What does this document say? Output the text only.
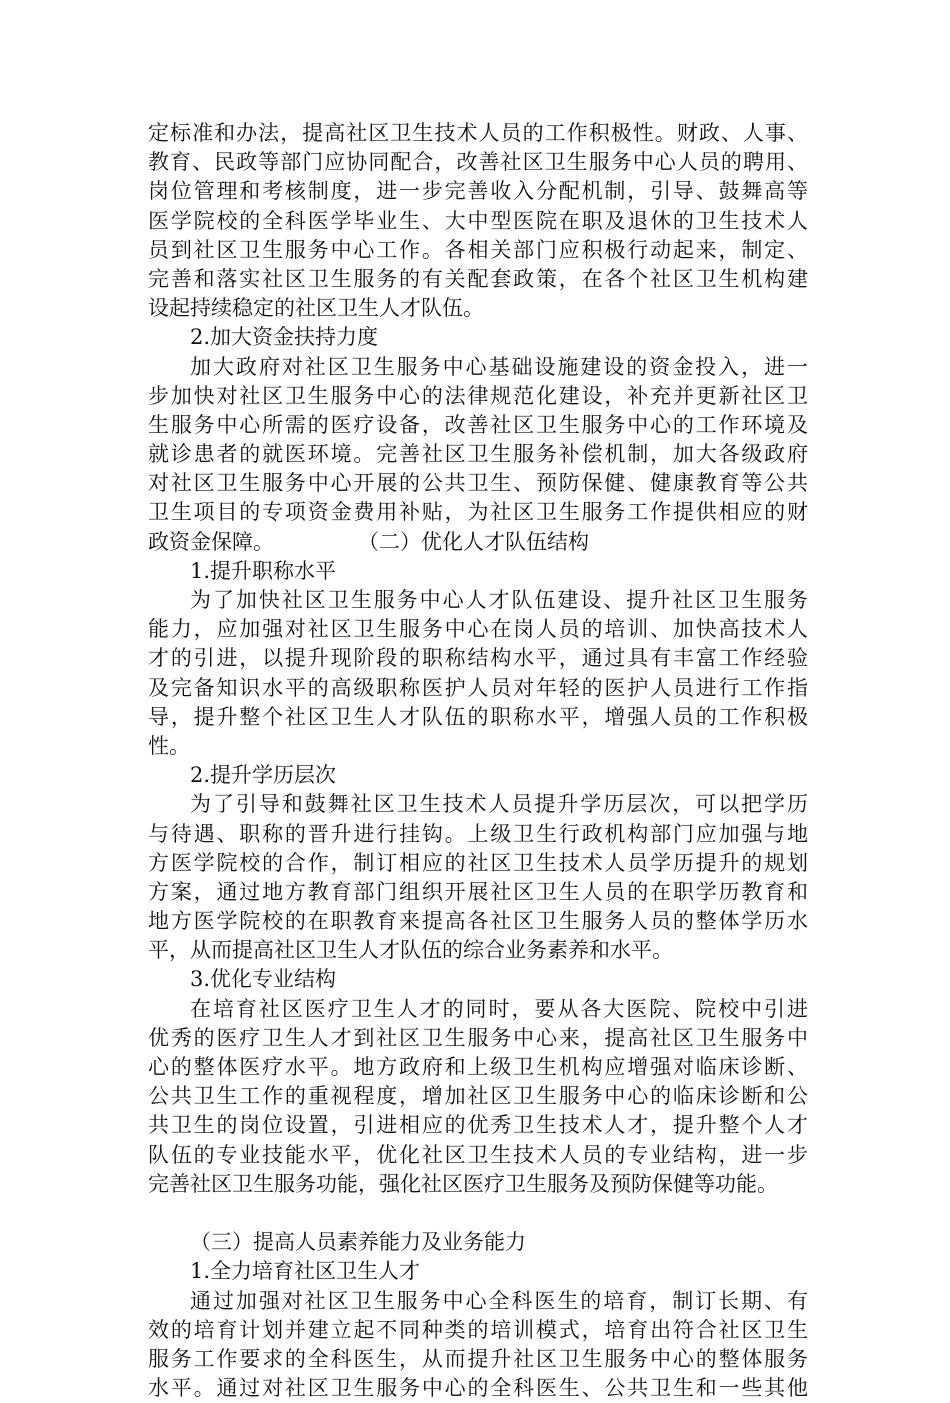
定标准和办法，提高社区卫生技术人员的工作积极性。财政、人事、
教育、民政等部门应协同配合，改善社区卫生服务中心人员的聘用、
岗位管理和考核制度，进一步完善收入分配机制，引导、鼓舞高等
医学院校的全科医学毕业生、大中型医院在职及退休的卫生技术人
员到社区卫生服务中心工作。各相关部门应积极行动起来，制定、
完善和落实社区卫生服务的有关配套政策，在各个社区卫生机构建
设起持续稳定的社区卫生人才队伍。
2.加大资金扶持力度
加大政府对社区卫生服务中心基础设施建设的资金投入，进一
步加快对社区卫生服务中心的法律规范化建设，补充并更新社区卫
生服务中心所需的医疗设备，改善社区卫生服务中心的工作环境及
就诊患者的就医环境。完善社区卫生服务补偿机制，加大各级政府
对社区卫生服务中心开展的公共卫生、预防保健、健康教育等公共
卫生项目的专项资金费用补贴，为社区卫生服务工作提供相应的财
政资金保障。	（二）优化人才队伍结构
1.提升职称水平
为了加快社区卫生服务中心人才队伍建设、提升社区卫生服务
能力，应加强对社区卫生服务中心在岗人员的培训、加快高技术人
才的引进，以提升现阶段的职称结构水平，通过具有丰富工作经验
及完备知识水平的高级职称医护人员对年轻的医护人员进行工作指
导，提升整个社区卫生人才队伍的职称水平，增强人员的工作积极
性。
2.提升学历层次
为了引导和鼓舞社区卫生技术人员提升学历层次，可以把学历
与待遇、职称的晋升进行挂钩。上级卫生行政机构部门应加强与地
方医学院校的合作，制订相应的社区卫生技术人员学历提升的规划
方案，通过地方教育部门组织开展社区卫生人员的在职学历教育和
地方医学院校的在职教育来提高各社区卫生服务人员的整体学历水
平，从而提高社区卫生人才队伍的综合业务素养和水平。
3.优化专业结构
在培育社区医疗卫生人才的同时，要从各大医院、院校中引进
优秀的医疗卫生人才到社区卫生服务中心来，提高社区卫生服务中
心的整体医疗水平。地方政府和上级卫生机构应增强对临床诊断、
公共卫生工作的重视程度，增加社区卫生服务中心的临床诊断和公
共卫生的岗位设置，引进相应的优秀卫生技术人才，提升整个人才
队伍的专业技能水平，优化社区卫生技术人员的专业结构，进一步
完善社区卫生服务功能，强化社区医疗卫生服务及预防保健等功能。
（三）提高人员素养能力及业务能力
1.全力培育社区卫生人才
通过加强对社区卫生服务中心全科医生的培育，制订长期、有
效的培育计划并建立起不同种类的培训模式，培育出符合社区卫生
服务工作要求的全科医生，从而提升社区卫生服务中心的整体服务
水平。通过对社区卫生服务中心的全科医生、公共卫生和一些其他
